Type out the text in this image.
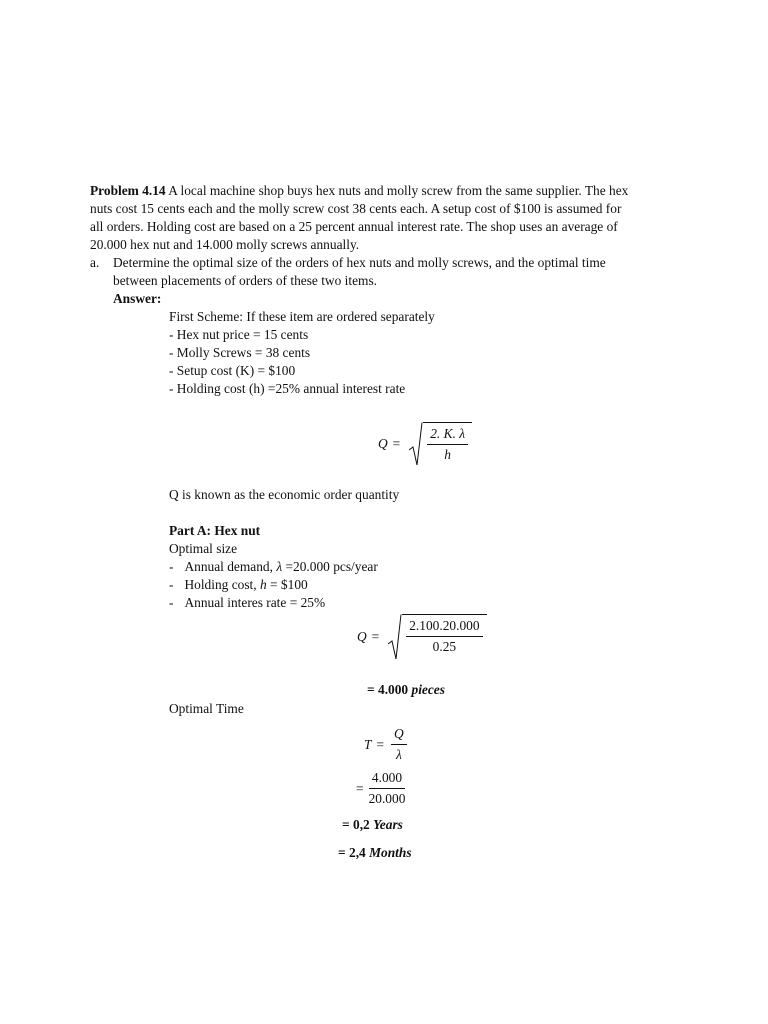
Problem 4.14 A local machine shop buys hex nuts and molly screw from the same supplier. The hex
nuts cost 15 cents each and the molly screw cost 38 cents each. A setup cost of $100 is assumed for
all orders. Holding cost are based on a 25 percent annual interest rate. The shop uses an average of
20.000 hex nut and 14.000 molly screws annually.
a. Determine the optimal size of the orders of hex nuts and molly screws, and the optimal time
between placements of orders of these two items.
Answer:
First Scheme: If these item are ordered separately
- Hex nut price = 15 cents
- Molly Screws = 38 cents
- Setup cost (K) = $100
- Holding cost (h) =25% annual interest rate
$Q = \frac{2. K. \lambda}{h}$
Q is known as the economic order quantity
Part A: Hex nut
Optimal size
- Annual demand, λ =20.000 pcs/year
- Holding cost, h = $100
- Annual interes rate = 25%
$Q = \frac{2.100.20.000}{0.25}$
= 4.000 pieces
Optimal Time
$T = \frac{Q}{\lambda}$
= $\frac{4.000}{20.000}$
= 0,2 Years
= 2,4 Months
